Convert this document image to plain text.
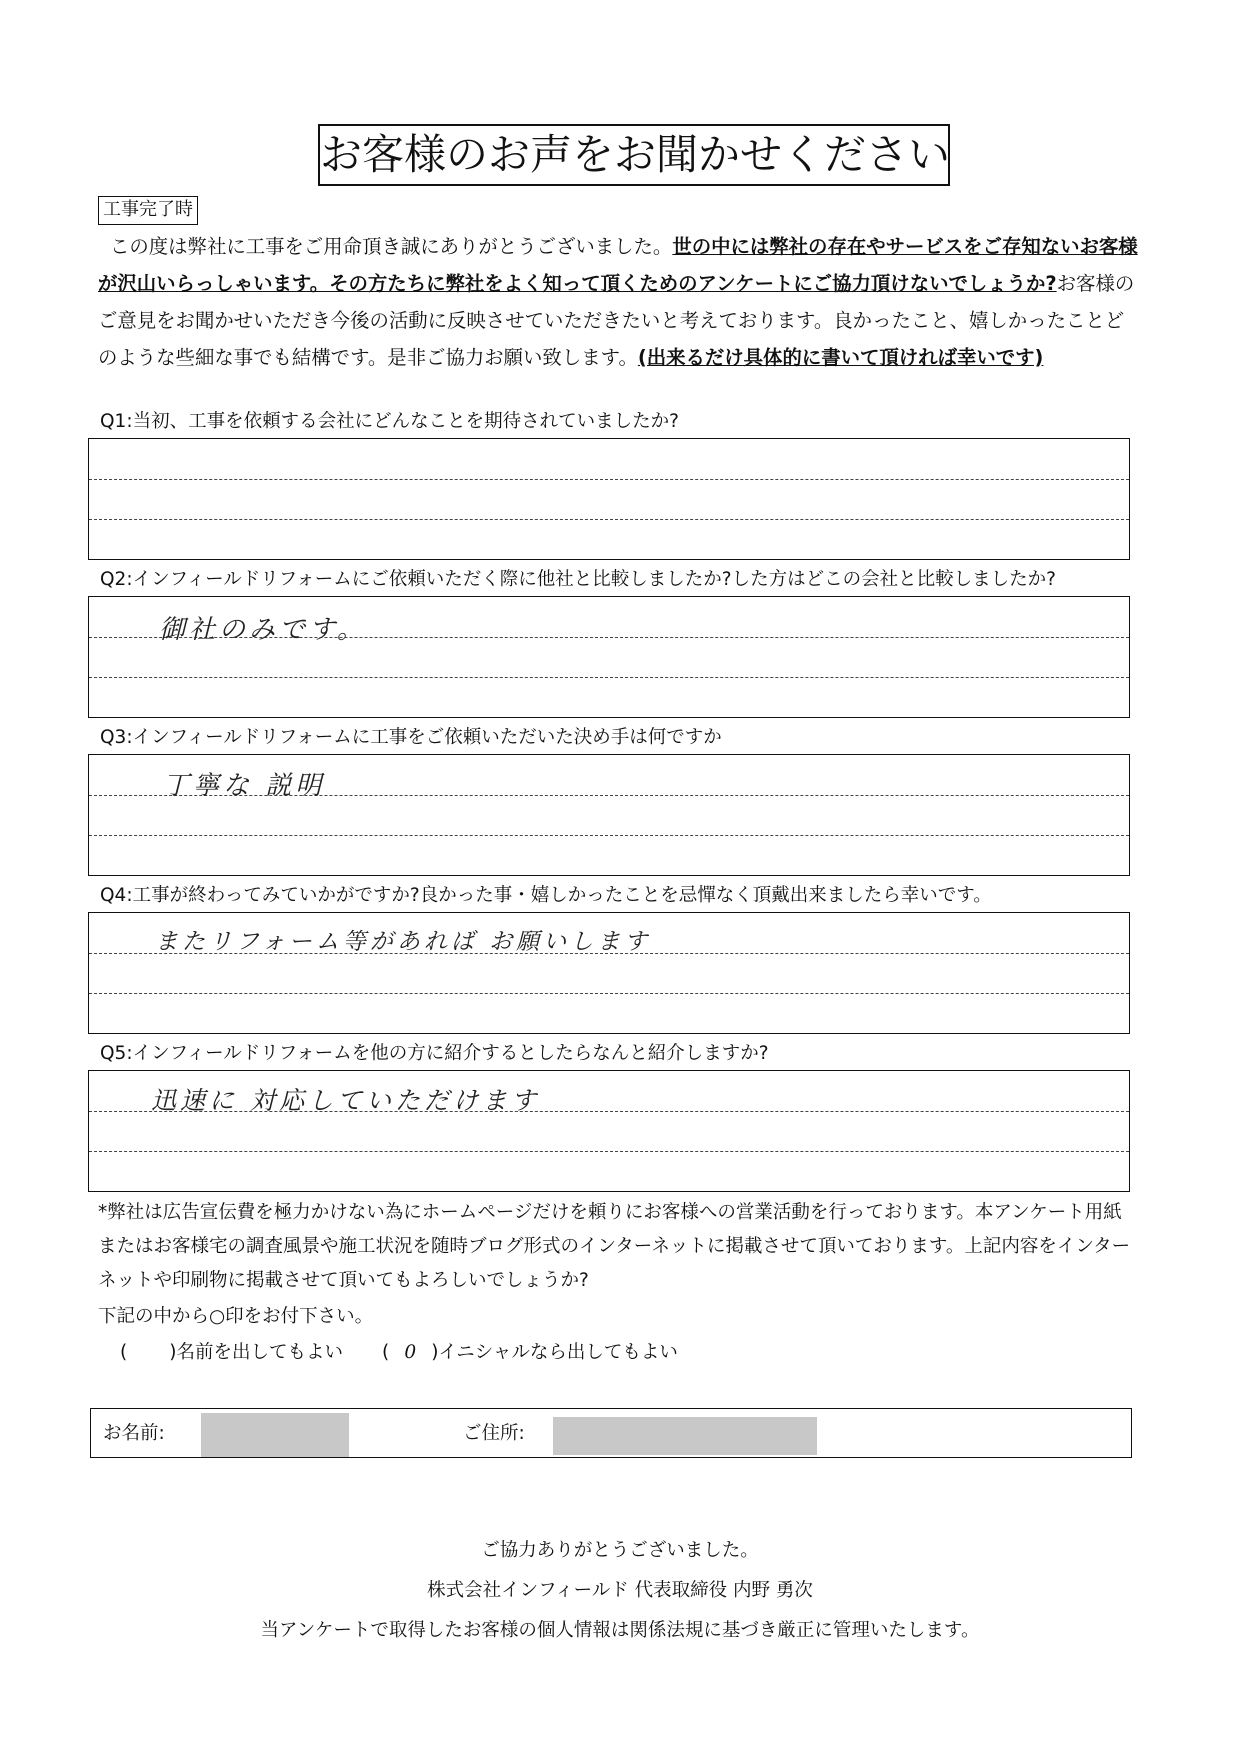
お客様のお声をお聞かせください
工事完了時
この度は弊社に工事をご用命頂き誠にありがとうございました。世の中には弊社の存在やサービスをご存知ないお客様が沢山いらっしゃいます。その方たちに弊社をよく知って頂くためのアンケートにご協力頂けないでしょうか?お客様のご意見をお聞かせいただき今後の活動に反映させていただきたいと考えております。良かったこと、嬉しかったことどのような些細な事でも結構です。是非ご協力お願い致します。(出来るだけ具体的に書いて頂ければ幸いです)
Q1:当初、工事を依頼する会社にどんなことを期待されていましたか?
Q2:インフィールドリフォームにご依頼いただく際に他社と比較しましたか?した方はどこの会社と比較しましたか?
御社のみです。
Q3:インフィールドリフォームに工事をご依頼いただいた決め手は何ですか
丁寧な 説明
Q4:工事が終わってみていかがですか?良かった事・嬉しかったことを忌憚なく頂戴出来ましたら幸いです。
またリフォーム等があれば お願いします
Q5:インフィールドリフォームを他の方に紹介するとしたらなんと紹介しますか?
迅速に 対応していただけます
*弊社は広告宣伝費を極力かけない為にホームページだけを頼りにお客様への営業活動を行っております。本アンケート用紙またはお客様宅の調査風景や施工状況を随時ブログ形式のインターネットに掲載させて頂いております。上記内容をインターネットや印刷物に掲載させて頂いてもよろしいでしょうか?
下記の中から○印をお付下さい。
( )名前を出してもよい ( 0 )イニシャルなら出してもよい
お名前:	ご住所:
ご協力ありがとうございました。
株式会社インフィールド 代表取締役 内野 勇次
当アンケートで取得したお客様の個人情報は関係法規に基づき厳正に管理いたします。
